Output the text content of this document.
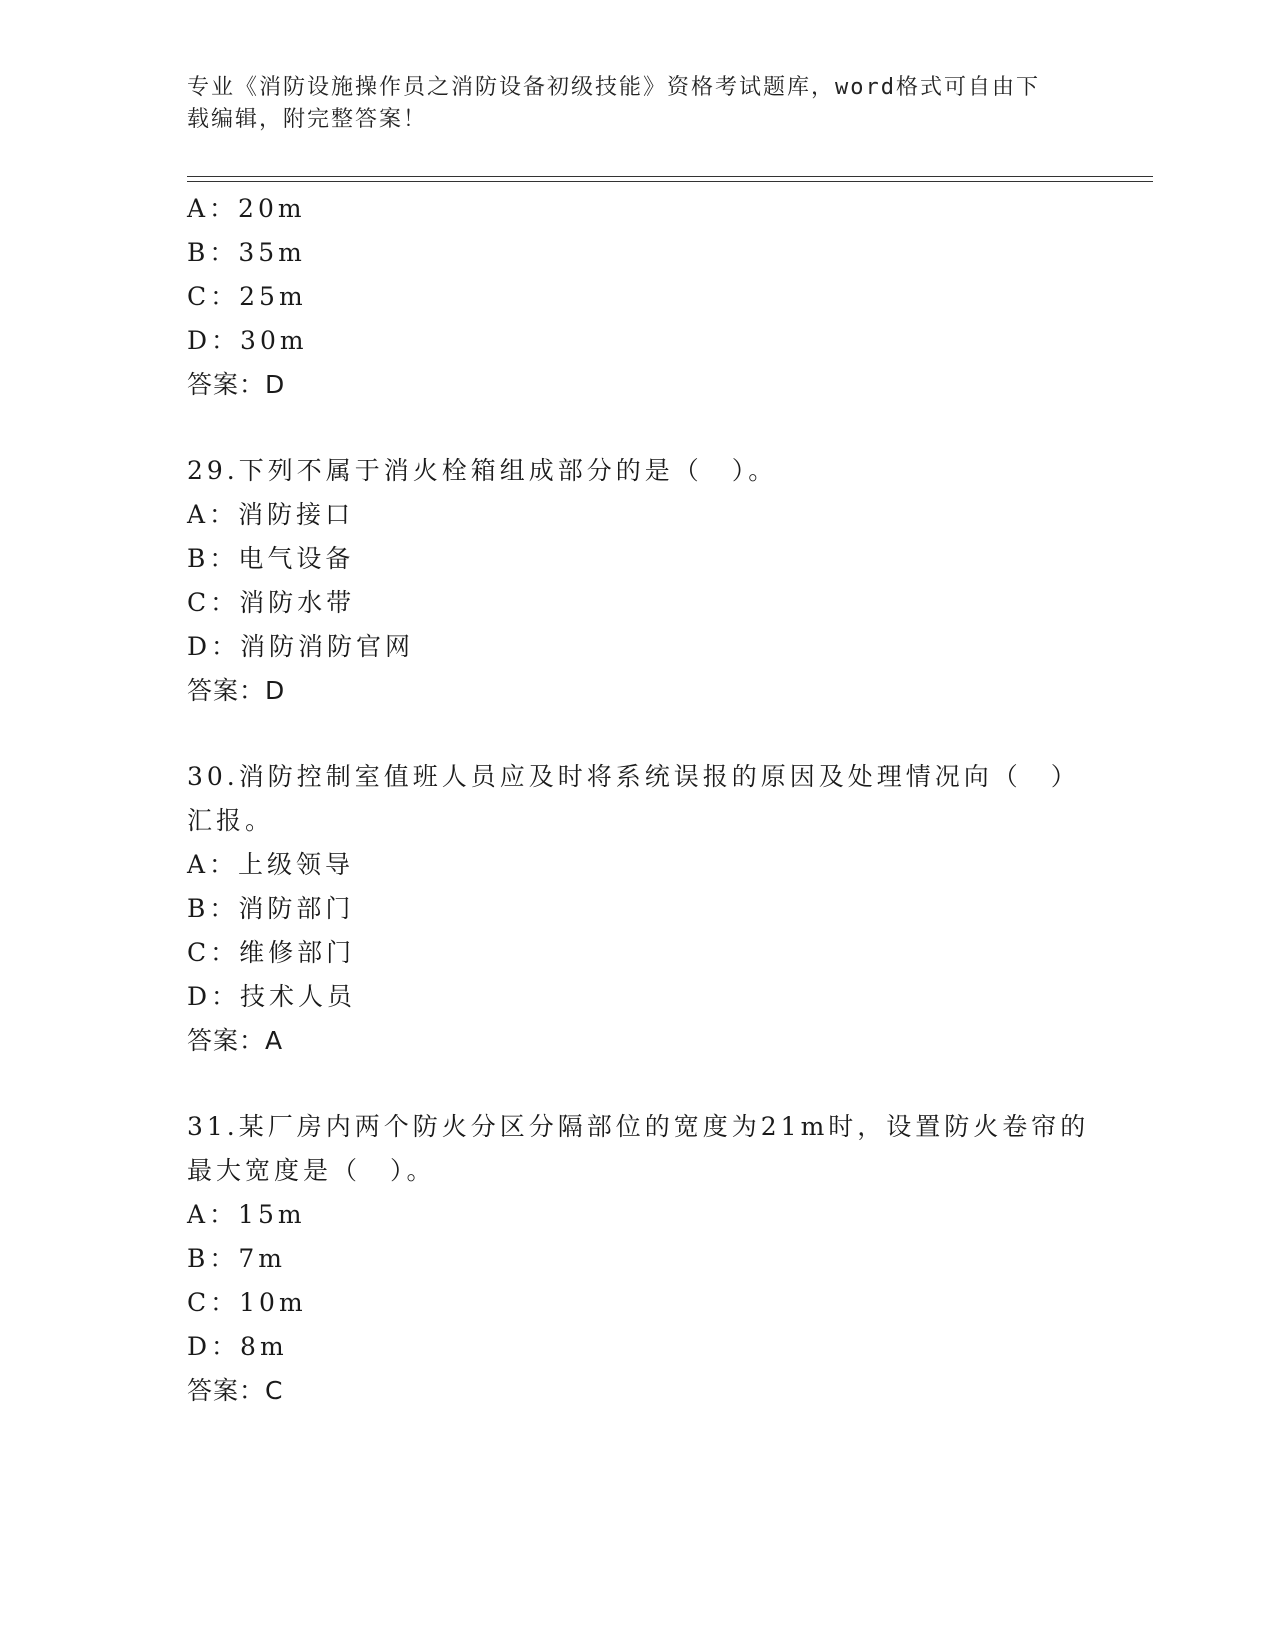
专业《消防设施操作员之消防设备初级技能》资格考试题库，word格式可自由下
载编辑，附完整答案！
A：20m
B：35m
C：25m
D：30m
答案：D
29.下列不属于消火栓箱组成部分的是（　）。
A：消防接口
B：电气设备
C：消防水带
D：消防消防官网
答案：D
30.消防控制室值班人员应及时将系统误报的原因及处理情况向（　）
汇报。
A：上级领导
B：消防部门
C：维修部门
D：技术人员
答案：A
31.某厂房内两个防火分区分隔部位的宽度为21m时，设置防火卷帘的
最大宽度是（　）。
A：15m
B：7m
C：10m
D：8m
答案：C
